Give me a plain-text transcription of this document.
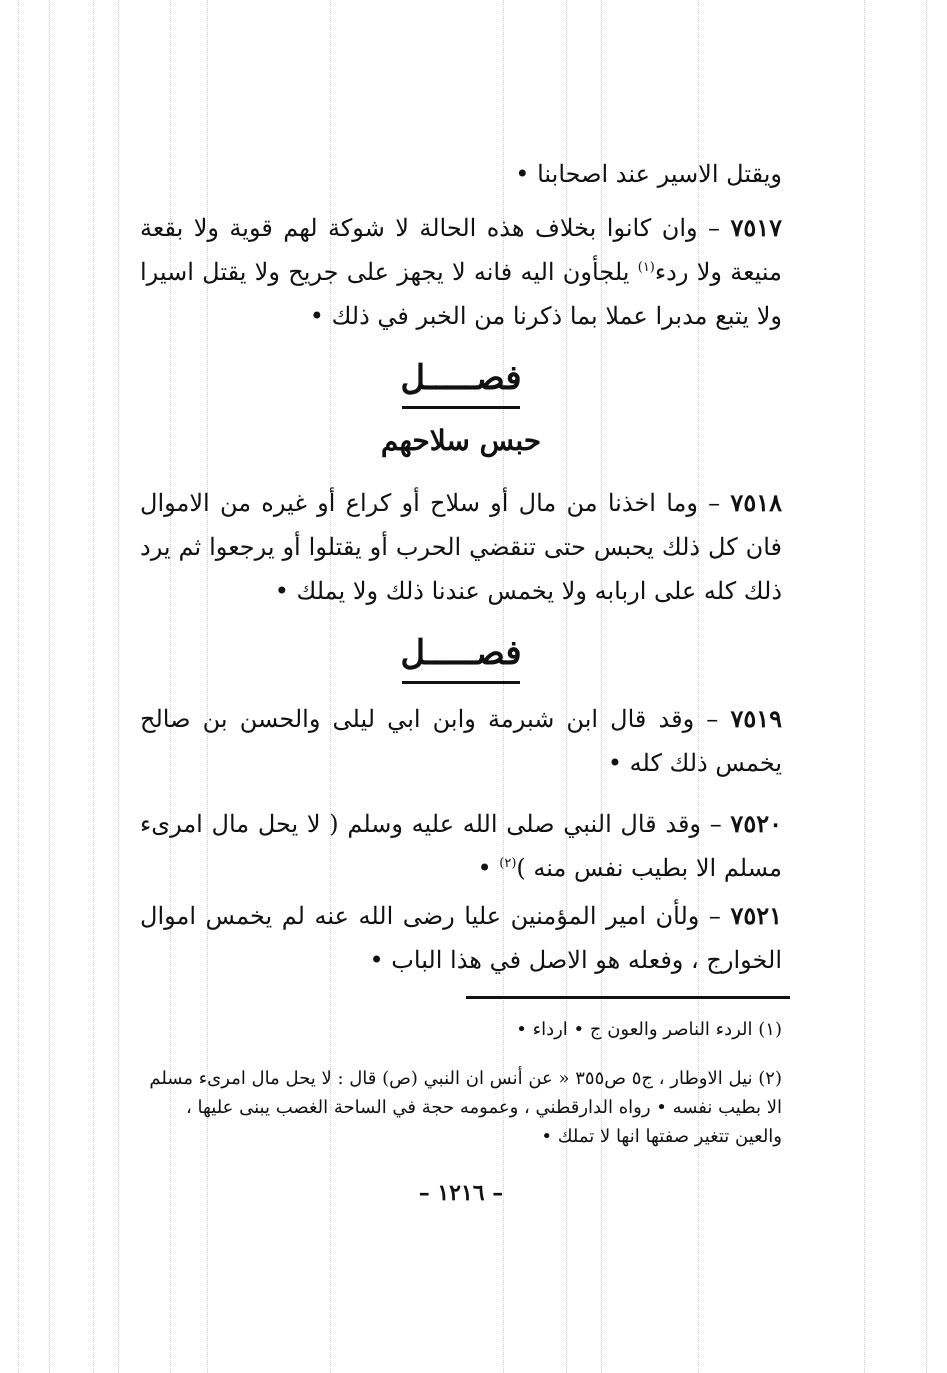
ويقتل الاسير عند اصحابنا •
٧٥١٧ – وان كانوا بخلاف هذه الحالة لا شوكة لهم قوية ولا بقعة منيعة ولا ردء$^{(١)}$ يلجأون اليه فانه لا يجهز على جريح ولا يقتل اسيرا ولا يتبع مدبرا عملا بما ذكرنا من الخبر في ذلك •
فصـــــل
حبس سلاحهم
٧٥١٨ – وما اخذنا من مال أو سلاح أو كراع أو غيره من الاموال فان كل ذلك يحبس حتى تنقضي الحرب أو يقتلوا أو يرجعوا ثم يرد ذلك كله على اربابه ولا يخمس عندنا ذلك ولا يملك •
فصـــــل
٧٥١٩ – وقد قال ابن شبرمة وابن ابي ليلى والحسن بن صالح يخمس ذلك كله •
٧٥٢٠ – وقد قال النبي صلى الله عليه وسلم ( لا يحل مال امرىء مسلم الا بطيب نفس منه )$^{(٢)}$ •
٧٥٢١ – ولأن امير المؤمنين عليا رضى الله عنه لم يخمس اموال الخوارج ، وفعله هو الاصل في هذا الباب •
(١) الردء الناصر والعون ج • ارداء •
(٢) نيل الاوطار ، ج٥ ص٣٥٥ « عن أنس ان النبي (ص) قال : لا يحل مال امرىء مسلم الا بطيب نفسه • رواه الدارقطني ، وعمومه حجة في الساحة الغصب يبنى عليها ، والعين تتغير صفتها انها لا تملك •
– ١٢١٦ –
